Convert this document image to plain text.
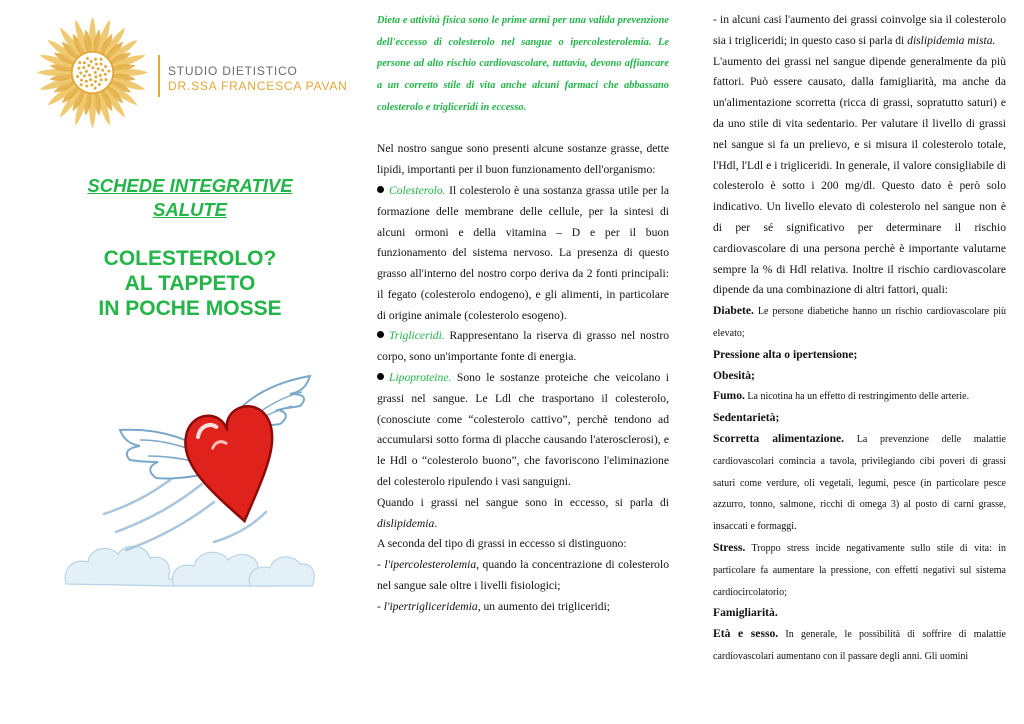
STUDIO DIETISTICO
DR.SSA FRANCESCA PAVAN
SCHEDE INTEGRATIVE
SALUTE
COLESTEROLO?
AL TAPPETO
IN POCHE MOSSE

Dieta e attività fisica sono le prime armi per una valida prevenzione dell'eccesso di colesterolo nel sangue o ipercolesterolemia. Le persone ad alto rischio cardiovascolare, tuttavia, devono affiancare a un corretto stile di vita anche alcuni farmaci che abbassano colesterolo e trigliceridi in eccesso.

Nel nostro sangue sono presenti alcune sostanze grasse, dette lipidi, importanti per il buon funzionamento dell'organismo:

Colesterolo. Il colesterolo è una sostanza grassa utile per la formazione delle membrane delle cellule, per la sintesi di alcuni ormoni e della vitamina – D e per il buon funzionamento del sistema nervoso. La presenza di questo grasso all'interno del nostro corpo deriva da 2 fonti principali: il fegato (colesterolo endogeno), e gli alimenti, in particolare di origine animale (colesterolo esogeno).

Trigliceridi. Rappresentano la riserva di grasso nel nostro corpo, sono un'importante fonte di energia.

Lipoproteine. Sono le sostanze proteiche che veicolano i grassi nel sangue. Le Ldl che trasportano il colesterolo, (conosciute come “colesterolo cattivo”, perchè tendono ad accumularsi sotto forma di placche causando l'aterosclerosi), e le Hdl o “colesterolo buono”, che favoriscono l'eliminazione del colesterolo ripulendo i vasi sanguigni.

Quando i grassi nel sangue sono in eccesso, si parla di dislipidemia.

A seconda del tipo di grassi in eccesso si distinguono:

- l'ipercolesterolemia, quando la concentrazione di colesterolo nel sangue sale oltre i livelli fisiologici;

- l'ipertrigliceridemia, un aumento dei trigliceridi;

- in alcuni casi l'aumento dei grassi coinvolge sia il colesterolo sia i trigliceridi; in questo caso si parla di dislipidemia mista.

L'aumento dei grassi nel sangue dipende generalmente da più fattori. Può essere causato, dalla famigliarità, ma anche da un'alimentazione scorretta (ricca di grassi, sopratutto saturi) e da uno stile di vita sedentario. Per valutare il livello di grassi nel sangue si fa un prelievo, e si misura il colesterolo totale, l'Hdl, l'Ldl e i trigliceridi. In generale, il valore consigliabile di colesterolo è sotto i 200 mg/dl. Questo dato è però solo indicativo. Un livello elevato di colesterolo nel sangue non è di per sé significativo per determinare il rischio cardiovascolare di una persona perchè è importante valutarne sempre la % di Hdl relativa. Inoltre il rischio cardiovascolare dipende da una combinazione di altri fattori, quali:

Diabete. Le persone diabetiche hanno un rischio cardiovascolare più elevato;

Pressione alta o ipertensione;

Obesità;

Fumo. La nicotina ha un effetto di restringimento delle arterie.

Sedentarietà;

Scorretta alimentazione. La prevenzione delle malattie cardiovascolari comincia a tavola, privilegiando cibi poveri di grassi saturi come verdure, oli vegetali, legumi, pesce (in particolare pesce azzurro, tonno, salmone, ricchi di omega 3) al posto di carni grasse, insaccati e formaggi.

Stress. Troppo stress incide negativamente sullo stile di vita: in particolare fa aumentare la pressione, con effetti negativi sul sistema cardiocircolatorio;

Famigliarità.

Età e sesso. In generale, le possibilità di soffrire di malattie cardiovascolari aumentano con il passare degli anni. Gli uomini
